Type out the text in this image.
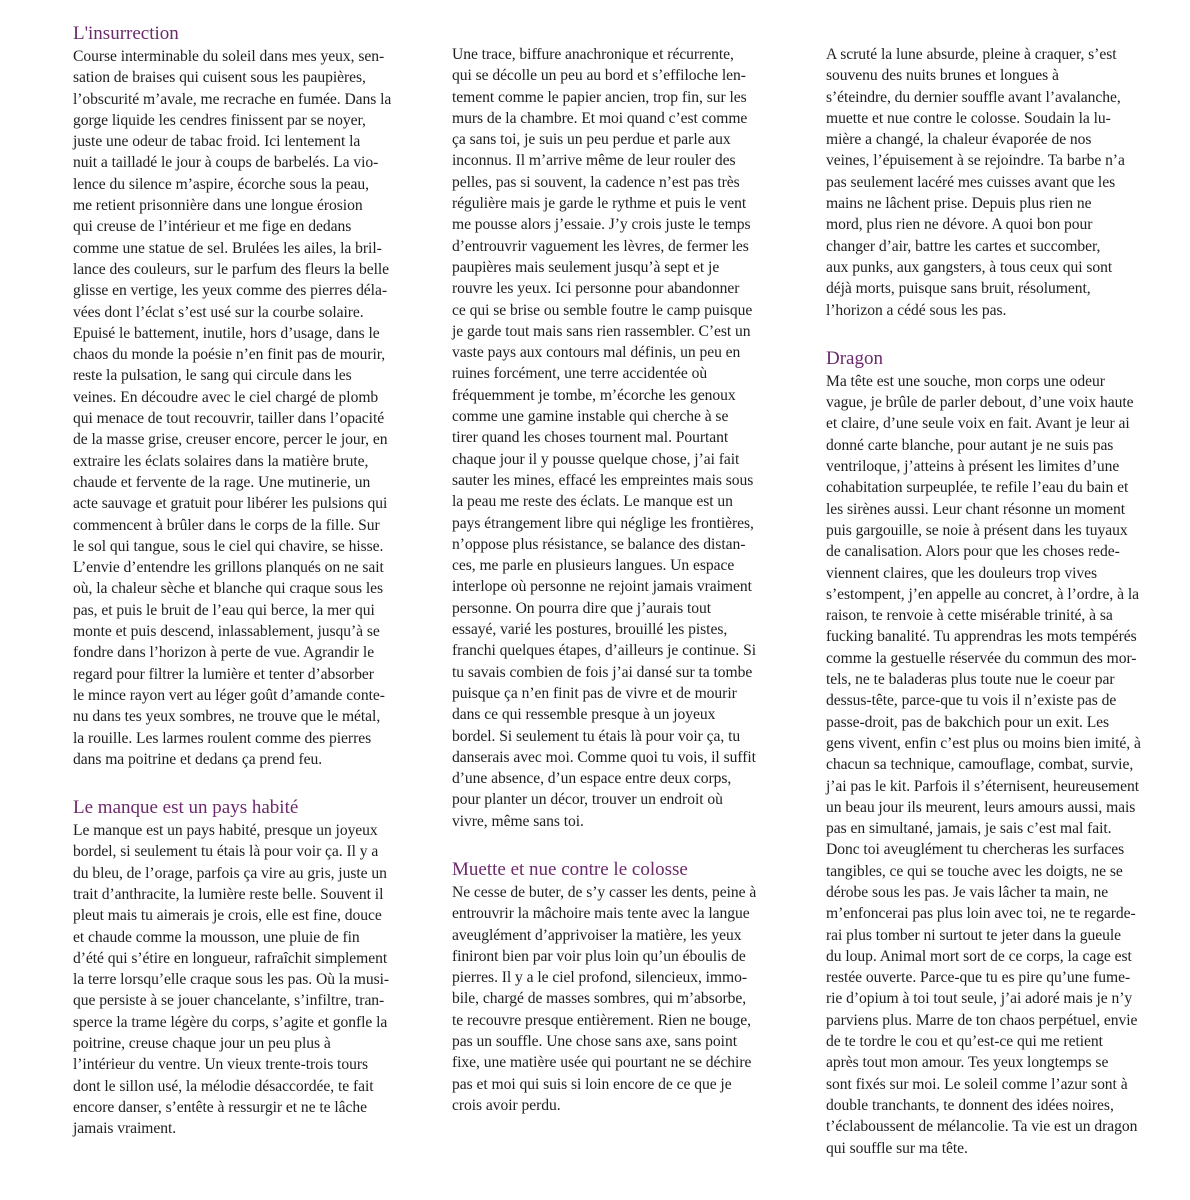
L'insurrection
Course interminable du soleil dans mes yeux, sen-
sation de braises qui cuisent sous les paupières,
l’obscurité m’avale, me recrache en fumée. Dans la
gorge liquide les cendres finissent par se noyer,
juste une odeur de tabac froid. Ici lentement la
nuit a tailladé le jour à coups de barbelés. La vio-
lence du silence m’aspire, écorche sous la peau,
me retient prisonnière dans une longue érosion
qui creuse de l’intérieur et me fige en dedans
comme une statue de sel. Brulées les ailes, la bril-
lance des couleurs, sur le parfum des fleurs la belle
glisse en vertige, les yeux comme des pierres déla-
vées dont l’éclat s’est usé sur la courbe solaire.
Epuisé le battement, inutile, hors d’usage, dans le
chaos du monde la poésie n’en finit pas de mourir,
reste la pulsation, le sang qui circule dans les
veines. En découdre avec le ciel chargé de plomb
qui menace de tout recouvrir, tailler dans l’opacité
de la masse grise, creuser encore, percer le jour, en
extraire les éclats solaires dans la matière brute,
chaude et fervente de la rage. Une mutinerie, un
acte sauvage et gratuit pour libérer les pulsions qui
commencent à brûler dans le corps de la fille. Sur
le sol qui tangue, sous le ciel qui chavire, se hisse.
L’envie d’entendre les grillons planqués on ne sait
où, la chaleur sèche et blanche qui craque sous les
pas, et puis le bruit de l’eau qui berce, la mer qui
monte et puis descend, inlassablement, jusqu’à se
fondre dans l’horizon à perte de vue. Agrandir le
regard pour filtrer la lumière et tenter d’absorber
le mince rayon vert au léger goût d’amande conte-
nu dans tes yeux sombres, ne trouve que le métal,
la rouille. Les larmes roulent comme des pierres
dans ma poitrine et dedans ça prend feu.
Le manque est un pays habité
Le manque est un pays habité, presque un joyeux
bordel, si seulement tu étais là pour voir ça. Il y a
du bleu, de l’orage, parfois ça vire au gris, juste un
trait d’anthracite, la lumière reste belle. Souvent il
pleut mais tu aimerais je crois, elle est fine, douce
et chaude comme la mousson, une pluie de fin
d’été qui s’étire en longueur, rafraîchit simplement
la terre lorsqu’elle craque sous les pas. Où la musi-
que persiste à se jouer chancelante, s’infiltre, tran-
sperce la trame légère du corps, s’agite et gonfle la
poitrine, creuse chaque jour un peu plus à
l’intérieur du ventre. Un vieux trente-trois tours
dont le sillon usé, la mélodie désaccordée, te fait
encore danser, s’entête à ressurgir et ne te lâche
jamais vraiment.
Une trace, biffure anachronique et récurrente,
qui se décolle un peu au bord et s’effiloche len-
tement comme le papier ancien, trop fin, sur les
murs de la chambre. Et moi quand c’est comme
ça sans toi, je suis un peu perdue et parle aux
inconnus. Il m’arrive même de leur rouler des
pelles, pas si souvent, la cadence n’est pas très
régulière mais je garde le rythme et puis le vent
me pousse alors j’essaie. J’y crois juste le temps
d’entrouvrir vaguement les lèvres, de fermer les
paupières mais seulement jusqu’à sept et je
rouvre les yeux. Ici personne pour abandonner
ce qui se brise ou semble foutre le camp puisque
je garde tout mais sans rien rassembler. C’est un
vaste pays aux contours mal définis, un peu en
ruines forcément, une terre accidentée où
fréquemment je tombe, m’écorche les genoux
comme une gamine instable qui cherche à se
tirer quand les choses tournent mal. Pourtant
chaque jour il y pousse quelque chose, j’ai fait
sauter les mines, effacé les empreintes mais sous
la peau me reste des éclats. Le manque est un
pays étrangement libre qui néglige les frontières,
n’oppose plus résistance, se balance des distan-
ces, me parle en plusieurs langues. Un espace
interlope où personne ne rejoint jamais vraiment
personne. On pourra dire que j’aurais tout
essayé, varié les postures, brouillé les pistes,
franchi quelques étapes, d’ailleurs je continue. Si
tu savais combien de fois j’ai dansé sur ta tombe
puisque ça n’en finit pas de vivre et de mourir
dans ce qui ressemble presque à un joyeux
bordel. Si seulement tu étais là pour voir ça, tu
danserais avec moi. Comme quoi tu vois, il suffit
d’une absence, d’un espace entre deux corps,
pour planter un décor, trouver un endroit où
vivre, même sans toi.
Muette et nue contre le colosse
Ne cesse de buter, de s’y casser les dents, peine à
entrouvrir la mâchoire mais tente avec la langue
aveuglément d’apprivoiser la matière, les yeux
finiront bien par voir plus loin qu’un éboulis de
pierres. Il y a le ciel profond, silencieux, immo-
bile, chargé de masses sombres, qui m’absorbe,
te recouvre presque entièrement. Rien ne bouge,
pas un souffle. Une chose sans axe, sans point
fixe, une matière usée qui pourtant ne se déchire
pas et moi qui suis si loin encore de ce que je
crois avoir perdu.
A scruté la lune absurde, pleine à craquer, s’est
souvenu des nuits brunes et longues à
s’éteindre, du dernier souffle avant l’avalanche,
muette et nue contre le colosse. Soudain la lu-
mière a changé, la chaleur évaporée de nos
veines, l’épuisement à se rejoindre. Ta barbe n’a
pas seulement lacéré mes cuisses avant que les
mains ne lâchent prise. Depuis plus rien ne
mord, plus rien ne dévore. A quoi bon pour
changer d’air, battre les cartes et succomber,
aux punks, aux gangsters, à tous ceux qui sont
déjà morts, puisque sans bruit, résolument,
l’horizon a cédé sous les pas.
Dragon
Ma tête est une souche, mon corps une odeur
vague, je brûle de parler debout, d’une voix haute
et claire, d’une seule voix en fait. Avant je leur ai
donné carte blanche, pour autant je ne suis pas
ventriloque, j’atteins à présent les limites d’une
cohabitation surpeuplée, te refile l’eau du bain et
les sirènes aussi. Leur chant résonne un moment
puis gargouille, se noie à présent dans les tuyaux
de canalisation. Alors pour que les choses rede-
viennent claires, que les douleurs trop vives
s’estompent, j’en appelle au concret, à l’ordre, à la
raison, te renvoie à cette misérable trinité, à sa
fucking banalité. Tu apprendras les mots tempérés
comme la gestuelle réservée du commun des mor-
tels, ne te baladeras plus toute nue le coeur par
dessus-tête, parce-que tu vois il n’existe pas de
passe-droit, pas de bakchich pour un exit. Les
gens vivent, enfin c’est plus ou moins bien imité, à
chacun sa technique, camouflage, combat, survie,
j’ai pas le kit. Parfois il s’éternisent, heureusement
un beau jour ils meurent, leurs amours aussi, mais
pas en simultané, jamais, je sais c’est mal fait.
Donc toi aveuglément tu chercheras les surfaces
tangibles, ce qui se touche avec les doigts, ne se
dérobe sous les pas. Je vais lâcher ta main, ne
m’enfoncerai pas plus loin avec toi, ne te regarde-
rai plus tomber ni surtout te jeter dans la gueule
du loup. Animal mort sort de ce corps, la cage est
restée ouverte. Parce-que tu es pire qu’une fume-
rie d’opium à toi tout seule, j’ai adoré mais je n’y
parviens plus. Marre de ton chaos perpétuel, envie
de te tordre le cou et qu’est-ce qui me retient
après tout mon amour. Tes yeux longtemps se
sont fixés sur moi. Le soleil comme l’azur sont à
double tranchants, te donnent des idées noires,
t’éclaboussent de mélancolie. Ta vie est un dragon
qui souffle sur ma tête.
